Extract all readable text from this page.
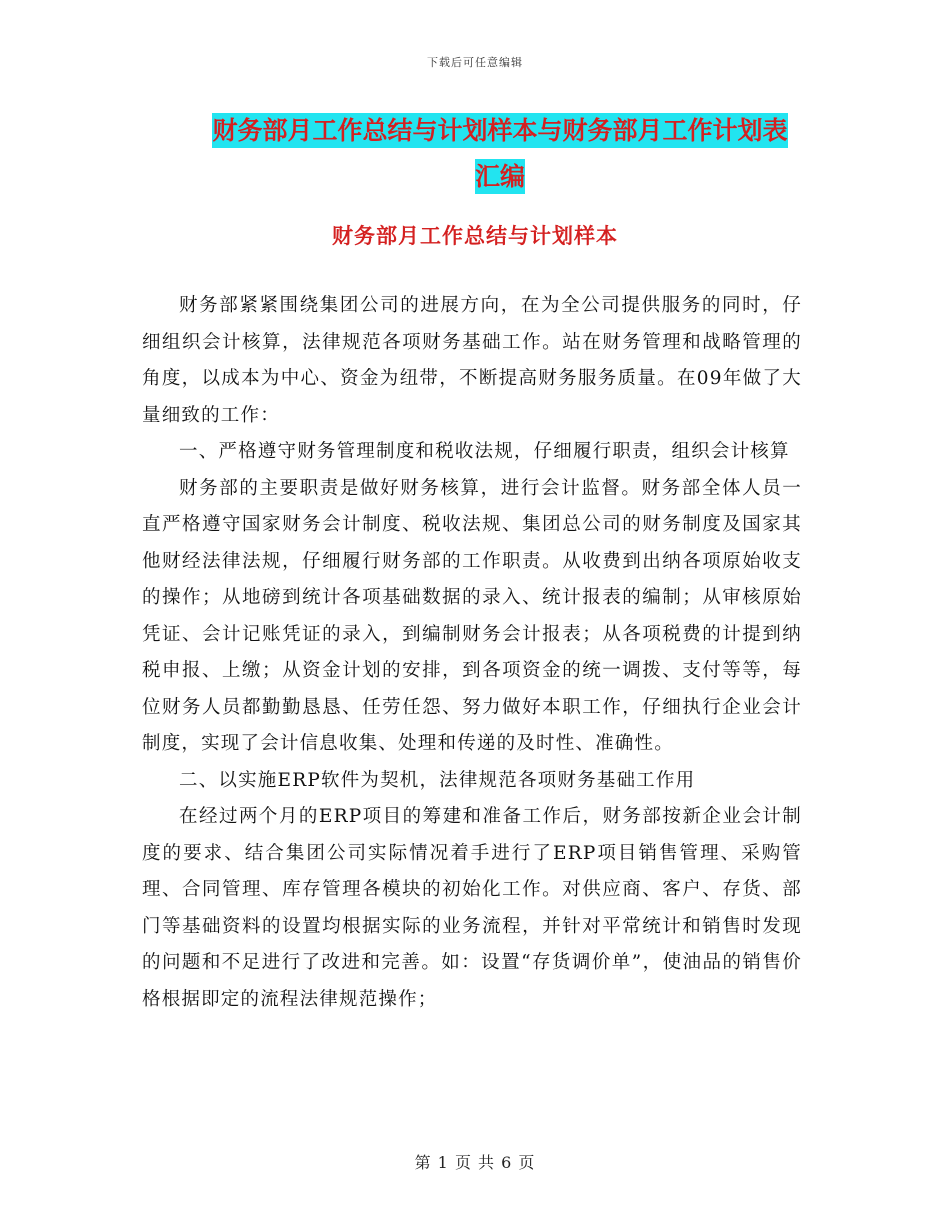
下载后可任意编辑
财务部月工作总结与计划样本与财务部月工作计划表
汇编
财务部月工作总结与计划样本

财务部紧紧围绕集团公司的进展方向，在为全公司提供服务的同时，仔细组织会计核算，法律规范各项财务基础工作。站在财务管理和战略管理的角度，以成本为中心、资金为纽带，不断提高财务服务质量。在09年做了大量细致的工作：

一、严格遵守财务管理制度和税收法规，仔细履行职责，组织会计核算

财务部的主要职责是做好财务核算，进行会计监督。财务部全体人员一直严格遵守国家财务会计制度、税收法规、集团总公司的财务制度及国家其他财经法律法规，仔细履行财务部的工作职责。从收费到出纳各项原始收支的操作；从地磅到统计各项基础数据的录入、统计报表的编制；从审核原始凭证、会计记账凭证的录入，到编制财务会计报表；从各项税费的计提到纳税申报、上缴；从资金计划的安排，到各项资金的统一调拨、支付等等，每位财务人员都勤勤恳恳、任劳任怨、努力做好本职工作，仔细执行企业会计制度，实现了会计信息收集、处理和传递的及时性、准确性。

二、以实施ERP软件为契机，法律规范各项财务基础工作用

在经过两个月的ERP项目的筹建和准备工作后，财务部按新企业会计制度的要求、结合集团公司实际情况着手进行了ERP项目销售管理、采购管理、合同管理、库存管理各模块的初始化工作。对供应商、客户、存货、部门等基础资料的设置均根据实际的业务流程，并针对平常统计和销售时发现的问题和不足进行了改进和完善。如：设置“存货调价单”，使油品的销售价格根据即定的流程法律规范操作；

第 1 页 共 6 页
